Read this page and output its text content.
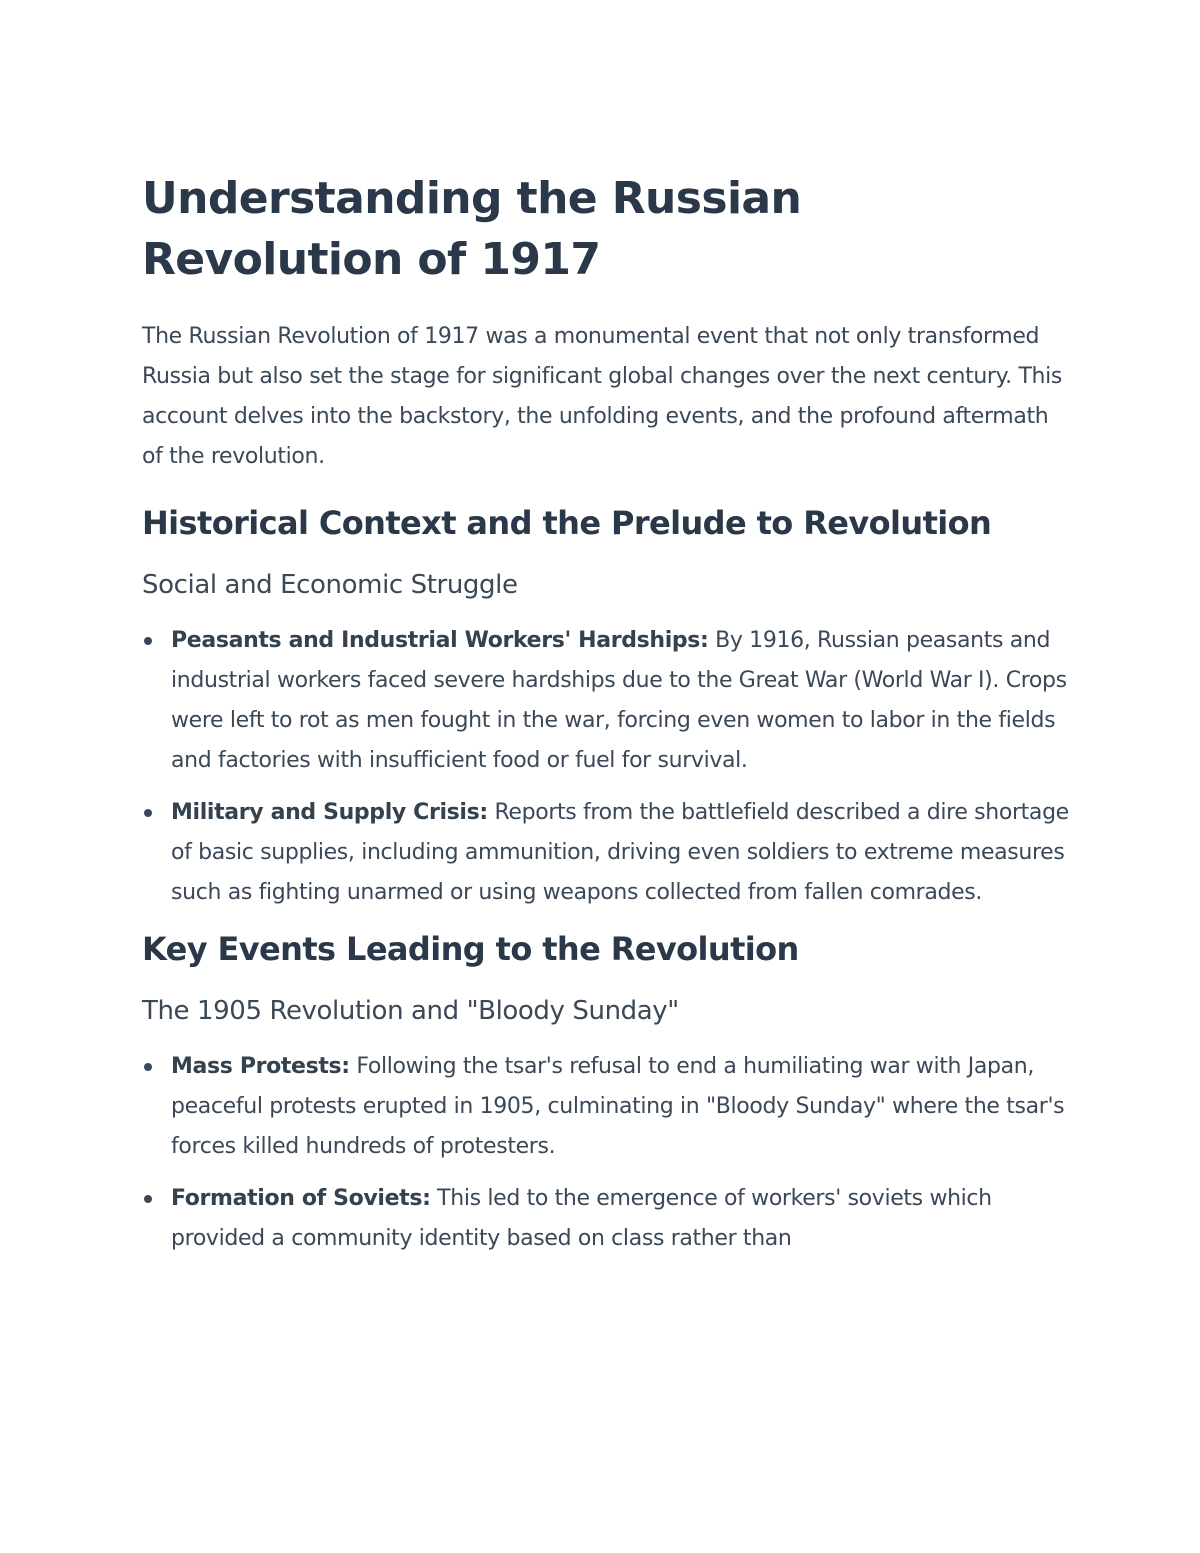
Understanding the Russian Revolution of 1917

The Russian Revolution of 1917 was a monumental event that not only transformed Russia but also set the stage for significant global changes over the next century. This account delves into the backstory, the unfolding events, and the profound aftermath of the revolution.

Historical Context and the Prelude to Revolution
Social and Economic Struggle
Peasants and Industrial Workers' Hardships: By 1916, Russian peasants and industrial workers faced severe hardships due to the Great War (World War I). Crops were left to rot as men fought in the war, forcing even women to labor in the fields and factories with insufficient food or fuel for survival.
Military and Supply Crisis: Reports from the battlefield described a dire shortage of basic supplies, including ammunition, driving even soldiers to extreme measures such as fighting unarmed or using weapons collected from fallen comrades.
Key Events Leading to the Revolution
The 1905 Revolution and "Bloody Sunday"
Mass Protests: Following the tsar's refusal to end a humiliating war with Japan, peaceful protests erupted in 1905, culminating in "Bloody Sunday" where the tsar's forces killed hundreds of protesters.
Formation of Soviets: This led to the emergence of workers' soviets which provided a community identity based on class rather than
